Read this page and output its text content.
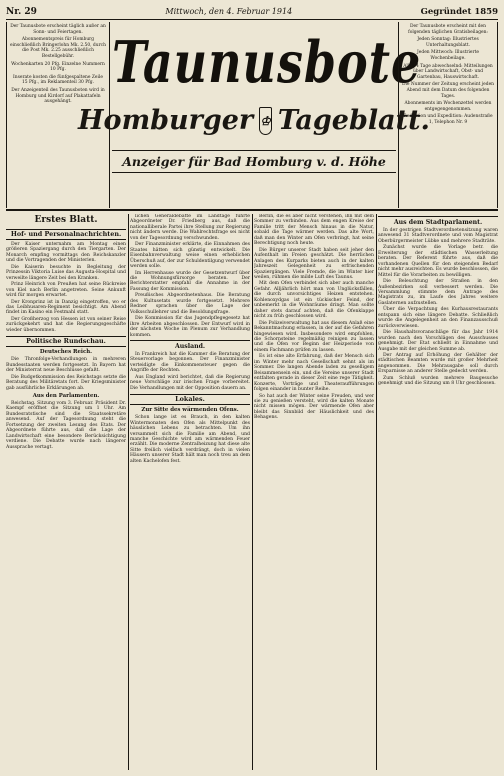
Nr. 29	Mittwoch, den 4. Februar 1914	Gegründet 1859

Der Taunusbote erscheint täglich außer an Sonn- und Feiertagen.

Abonnementspreis für Homburg einschließlich Bringerlohn Mk. 2.50, durch die Post Mk. 2.25 ausschließlich Bestellgebühr.

Wochenkarten 20 Pfg. Einzelne Nummern 10 Pfg.

Inserate kosten die fünfgespaltene Zeile 15 Pfg., im Reklamenteil 30 Pfg.

Der Anzeigenteil des Taunusboten wird in Homburg und Kirdorf auf Plakattafeln ausgehängt.

Taunusbote
Homburger ♔ Tageblatt.
Anzeiger für Bad Homburg v. d. Höhe

Der Taunusbote erscheint mit den folgenden täglichen Gratisbeilagen:

Jeden Sonntag: Illustriertes Unterhaltungsblatt.

Jeden Mittwoch: Illustrierte Wochenbeilage.

Alle 14 Tage abwechselnd: Mitteilungen über Landwirtschaft, Obst- und Gartenbau, Hauswirtschaft.

Die Nummer der Zeitung erscheint jeden Abend mit dem Datum des folgenden Tages.

Abonnements im Wochenzettel werden entgegengenommen.

Redaktion und Expedition: Audenstraße 1, Telephon Nr. 9

Erstes Blatt.
Hof- und Personalnachrichten.

Der Kaiser unternahm am Montag einen größeren Spaziergang durch den Tiergarten. Der Monarch empfing vormittags den Reichskanzler und die Vortragenden der Ministerien.

Die Kaiserin besuchte in Begleitung der Prinzessin Viktoria Luise das Augusta-Hospital und verweilte längere Zeit bei den Kranken.

Prinz Heinrich von Preußen hat seine Rückreise von Kiel nach Berlin angetreten. Seine Ankunft wird für morgen erwartet.

Der Kronprinz ist in Danzig eingetroffen, wo er das Leibhusaren-Regiment besichtigt. Am Abend findet im Kasino ein Festmahl statt.

Der Großherzog von Hessen ist von seiner Reise zurückgekehrt und hat die Regierungsgeschäfte wieder übernommen.

Politische Rundschau.
Deutsches Reich.

Die Thronfolge-Verhandlungen in mehreren Bundesstaaten werden fortgesetzt. In Bayern hat der Ministerrat neue Beschlüsse gefaßt.

Die Budgetkommission des Reichstags setzte die Beratung des Militäretats fort. Der Kriegsminister gab ausführliche Erklärungen ab.

Aus den Parlamenten.

Reichstag. Sitzung vom 3. Februar. Präsident Dr. Kaempf eröffnet die Sitzung um 1 Uhr. Am Bundesratstische sind die Staatssekretäre anwesend. Auf der Tagesordnung steht die Fortsetzung der zweiten Lesung des Etats. Der Abgeordnete führte aus, daß die Lage der Landwirtschaft eine besondere Berücksichtigung verdiene. Die Debatte wurde nach längerer Aussprache vertagt.

lichen Generaldebatte im Landtage führte Abgeordneter Dr. Friedberg aus, daß die nationalliberale Partei ihre Stellung zur Regierung nicht ändern werde. Die Wahlrechtsfrage sei nicht von der Tagesordnung verschwunden.

Der Finanzminister erklärte, die Einnahmen des Staates hätten sich günstig entwickelt. Die Eisenbahnverwaltung weise einen erheblichen Überschuß auf, der zur Schuldentilgung verwendet werden solle.

Im Herrenhause wurde der Gesetzentwurf über die Wohnungsfürsorge beraten. Der Berichterstatter empfahl die Annahme in der Fassung der Kommission.

Preußisches Abgeordnetenhaus. Die Beratung des Kultusetats wurde fortgesetzt. Mehrere Redner sprachen über die Lage der Volksschullehrer und die Besoldungsfrage.

Die Kommission für das Jugendpflegegesetz hat ihre Arbeiten abgeschlossen. Der Entwurf wird in der nächsten Woche im Plenum zur Verhandlung kommen.

Ausland.

In Frankreich hat die Kammer die Beratung der Steuervorlage begonnen. Der Finanzminister verteidigte die Einkommensteuer gegen die Angriffe der Rechten.

Aus England wird berichtet, daß die Regierung neue Vorschläge zur irischen Frage vorbereitet. Die Verhandlungen mit der Opposition dauern an.

Lokales.
Zur Sitte des wärmenden Ofens.

Schon lange ist es Brauch, in den kalten Wintermonaten den Ofen als Mittelpunkt des häuslichen Lebens zu betrachten. Um ihn versammelt sich die Familie am Abend, und manche Geschichte wird am wärmenden Feuer erzählt. Die moderne Zentralheizung hat diese alte Sitte freilich vielfach verdrängt, doch in vielen Häusern unserer Stadt hält man noch treu an dem alten Kachelofen fest.

Berlin, die es aber nicht verstehen, ihn mit dem Sommer zu verbinden. Aus dem engen Kreise der Familie tritt der Mensch hinaus in die Natur, sobald die Tage wärmer werden. Das alte Wort, daß man den Winter am Ofen verbringt, hat seine Berechtigung noch heute.

Die Bürger unserer Stadt haben seit jeher den Aufenthalt im Freien geschätzt. Die herrlichen Anlagen des Kurparks bieten auch in der kalten Jahreszeit Gelegenheit zu erfrischenden Spaziergängen. Viele Fremde, die im Winter hier weilen, rühmen die milde Luft des Taunus.

Mit dem Ofen verbindet sich aber auch manche Gefahr. Alljährlich hört man von Unglücksfällen, die durch unvorsichtiges Heizen entstehen. Kohlenoxydgas ist ein tückischer Feind, der unbemerkt in die Wohnräume dringt. Man sollte daher stets darauf achten, daß die Ofenklappe nicht zu früh geschlossen wird.

Die Polizeiverwaltung hat aus diesem Anlaß eine Bekanntmachung erlassen, in der auf die Gefahren hingewiesen wird. Insbesondere wird empfohlen, die Schornsteine regelmäßig reinigen zu lassen und die Öfen vor Beginn der Heizperiode von einem Fachmann prüfen zu lassen.

Es ist eine alte Erfahrung, daß der Mensch sich im Winter mehr nach Gesellschaft sehnt als im Sommer. Die langen Abende laden zu geselligem Beisammensein ein, und die Vereine unserer Stadt entfalten gerade in dieser Zeit eine rege Tätigkeit. Konzerte, Vorträge und Theateraufführungen folgen einander in bunter Reihe.

So hat auch der Winter seine Freuden, und wer sie zu genießen versteht, wird die kalten Monate nicht missen mögen. Der wärmende Ofen aber bleibt das Sinnbild der Häuslichkeit und des Behagens.

Aus dem Stadtparlament.

In der gestrigen Stadtverordnetensitzung waren anwesend 31 Stadtverordnete und vom Magistrat Oberbürgermeister Lübke und mehrere Stadträte.

Zunächst wurde die Vorlage betr. die Erweiterung der städtischen Wasserleitung beraten. Der Referent führte aus, daß die vorhandenen Quellen für den steigenden Bedarf nicht mehr ausreichten. Es wurde beschlossen, die Mittel für die Vorarbeiten zu bewilligen.

Die Beleuchtung der Straßen in den Außenbezirken soll verbessert werden. Die Versammlung stimmte dem Antrage des Magistrats zu, im Laufe des Jahres weitere Gaslaternen aufzustellen.

Über die Verpachtung des Kurhausrestaurants entspann sich eine längere Debatte. Schließlich wurde die Angelegenheit an den Finanzausschuß zurückverwiesen.

Die Haushaltsvoranschläge für das Jahr 1914 wurden nach den Vorschlägen des Ausschusses genehmigt. Der Etat schließt in Einnahme und Ausgabe mit der gleichen Summe ab.

Der Antrag auf Erhöhung der Gehälter der städtischen Beamten wurde mit großer Mehrheit angenommen. Die Mehrausgabe soll durch Ersparnisse an anderer Stelle gedeckt werden.

Zum Schluß wurden mehrere Baugesuche genehmigt und die Sitzung um 8 Uhr geschlossen.
